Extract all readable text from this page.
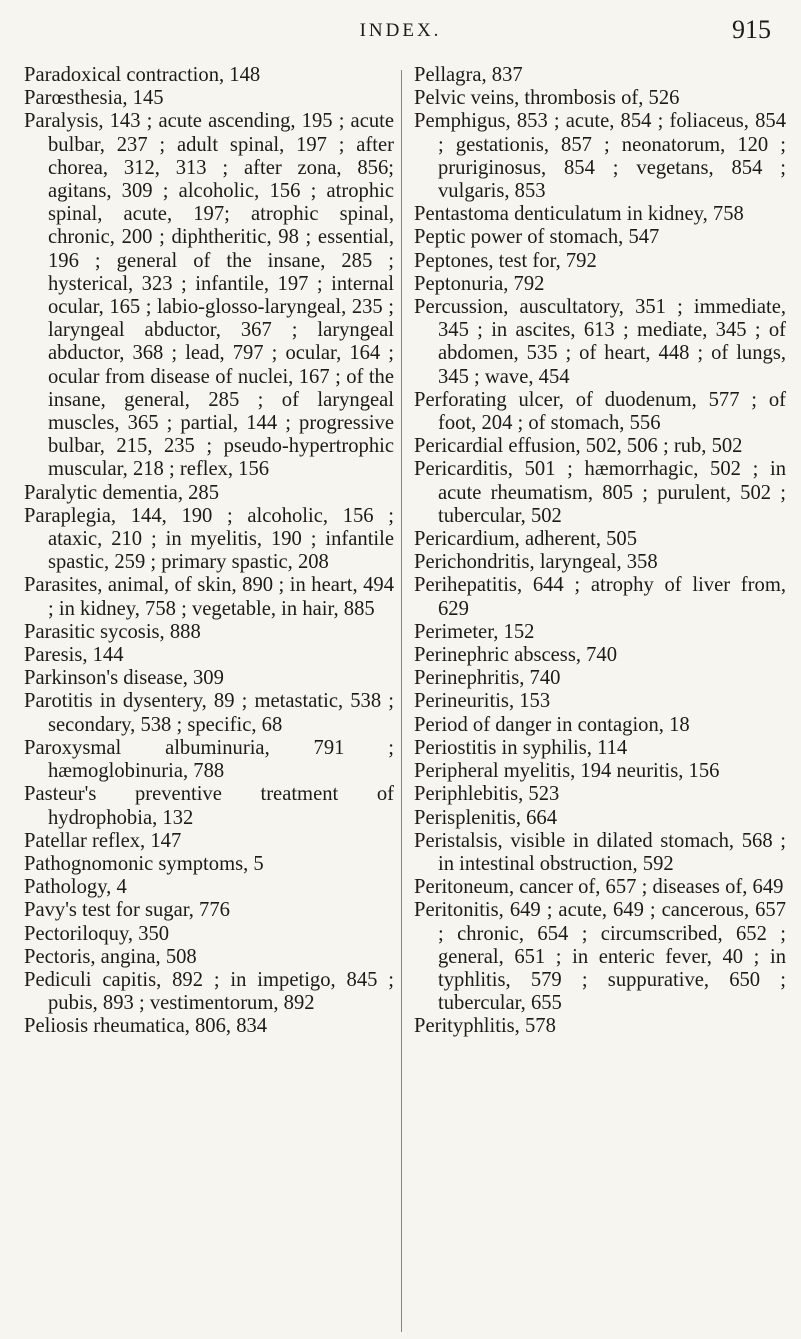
INDEX.	915

Paradoxical contraction, 148

Parœsthesia, 145

Paralysis, 143 ; acute ascending, 195 ; acute bulbar, 237 ; adult spinal, 197 ; after chorea, 312, 313 ; after zona, 856; agitans, 309 ; alcoholic, 156 ; atrophic spinal, acute, 197; atrophic spinal, chronic, 200 ; diphtheritic, 98 ; essential, 196 ; general of the insane, 285 ; hysterical, 323 ; infantile, 197 ; internal ocular, 165 ; labio-glosso-laryngeal, 235 ; laryngeal abductor, 367 ; laryngeal abductor, 368 ; lead, 797 ; ocular, 164 ; ocular from disease of nuclei, 167 ; of the insane, general, 285 ; of laryngeal muscles, 365 ; partial, 144 ; progressive bulbar, 215, 235 ; pseudo-hypertrophic muscular, 218 ; reflex, 156

Paralytic dementia, 285

Paraplegia, 144, 190 ; alcoholic, 156 ; ataxic, 210 ; in myelitis, 190 ; infantile spastic, 259 ; primary spastic, 208

Parasites, animal, of skin, 890 ; in heart, 494 ; in kidney, 758 ; vegetable, in hair, 885

Parasitic sycosis, 888

Paresis, 144

Parkinson's disease, 309

Parotitis in dysentery, 89 ; metastatic, 538 ; secondary, 538 ; specific, 68

Paroxysmal albuminuria, 791 ; hæmoglobinuria, 788

Pasteur's preventive treatment of hydrophobia, 132

Patellar reflex, 147

Pathognomonic symptoms, 5

Pathology, 4

Pavy's test for sugar, 776

Pectoriloquy, 350

Pectoris, angina, 508

Pediculi capitis, 892 ; in impetigo, 845 ; pubis, 893 ; vestimentorum, 892

Peliosis rheumatica, 806, 834

Pellagra, 837

Pelvic veins, thrombosis of, 526

Pemphigus, 853 ; acute, 854 ; foliaceus, 854 ; gestationis, 857 ; neonatorum, 120 ; pruriginosus, 854 ; vegetans, 854 ; vulgaris, 853

Pentastoma denticulatum in kidney, 758

Peptic power of stomach, 547

Peptones, test for, 792

Peptonuria, 792

Percussion, auscultatory, 351 ; immediate, 345 ; in ascites, 613 ; mediate, 345 ; of abdomen, 535 ; of heart, 448 ; of lungs, 345 ; wave, 454

Perforating ulcer, of duodenum, 577 ; of foot, 204 ; of stomach, 556

Pericardial effusion, 502, 506 ; rub, 502

Pericarditis, 501 ; hæmorrhagic, 502 ; in acute rheumatism, 805 ; purulent, 502 ; tubercular, 502

Pericardium, adherent, 505

Perichondritis, laryngeal, 358

Perihepatitis, 644 ; atrophy of liver from, 629

Perimeter, 152

Perinephric abscess, 740

Perinephritis, 740

Perineuritis, 153

Period of danger in contagion, 18

Periostitis in syphilis, 114

Peripheral myelitis, 194 neuritis, 156

Periphlebitis, 523

Perisplenitis, 664

Peristalsis, visible in dilated stomach, 568 ; in intestinal obstruction, 592

Peritoneum, cancer of, 657 ; diseases of, 649

Peritonitis, 649 ; acute, 649 ; cancerous, 657 ; chronic, 654 ; circumscribed, 652 ; general, 651 ; in enteric fever, 40 ; in typhlitis, 579 ; suppurative, 650 ; tubercular, 655

Perityphlitis, 578
